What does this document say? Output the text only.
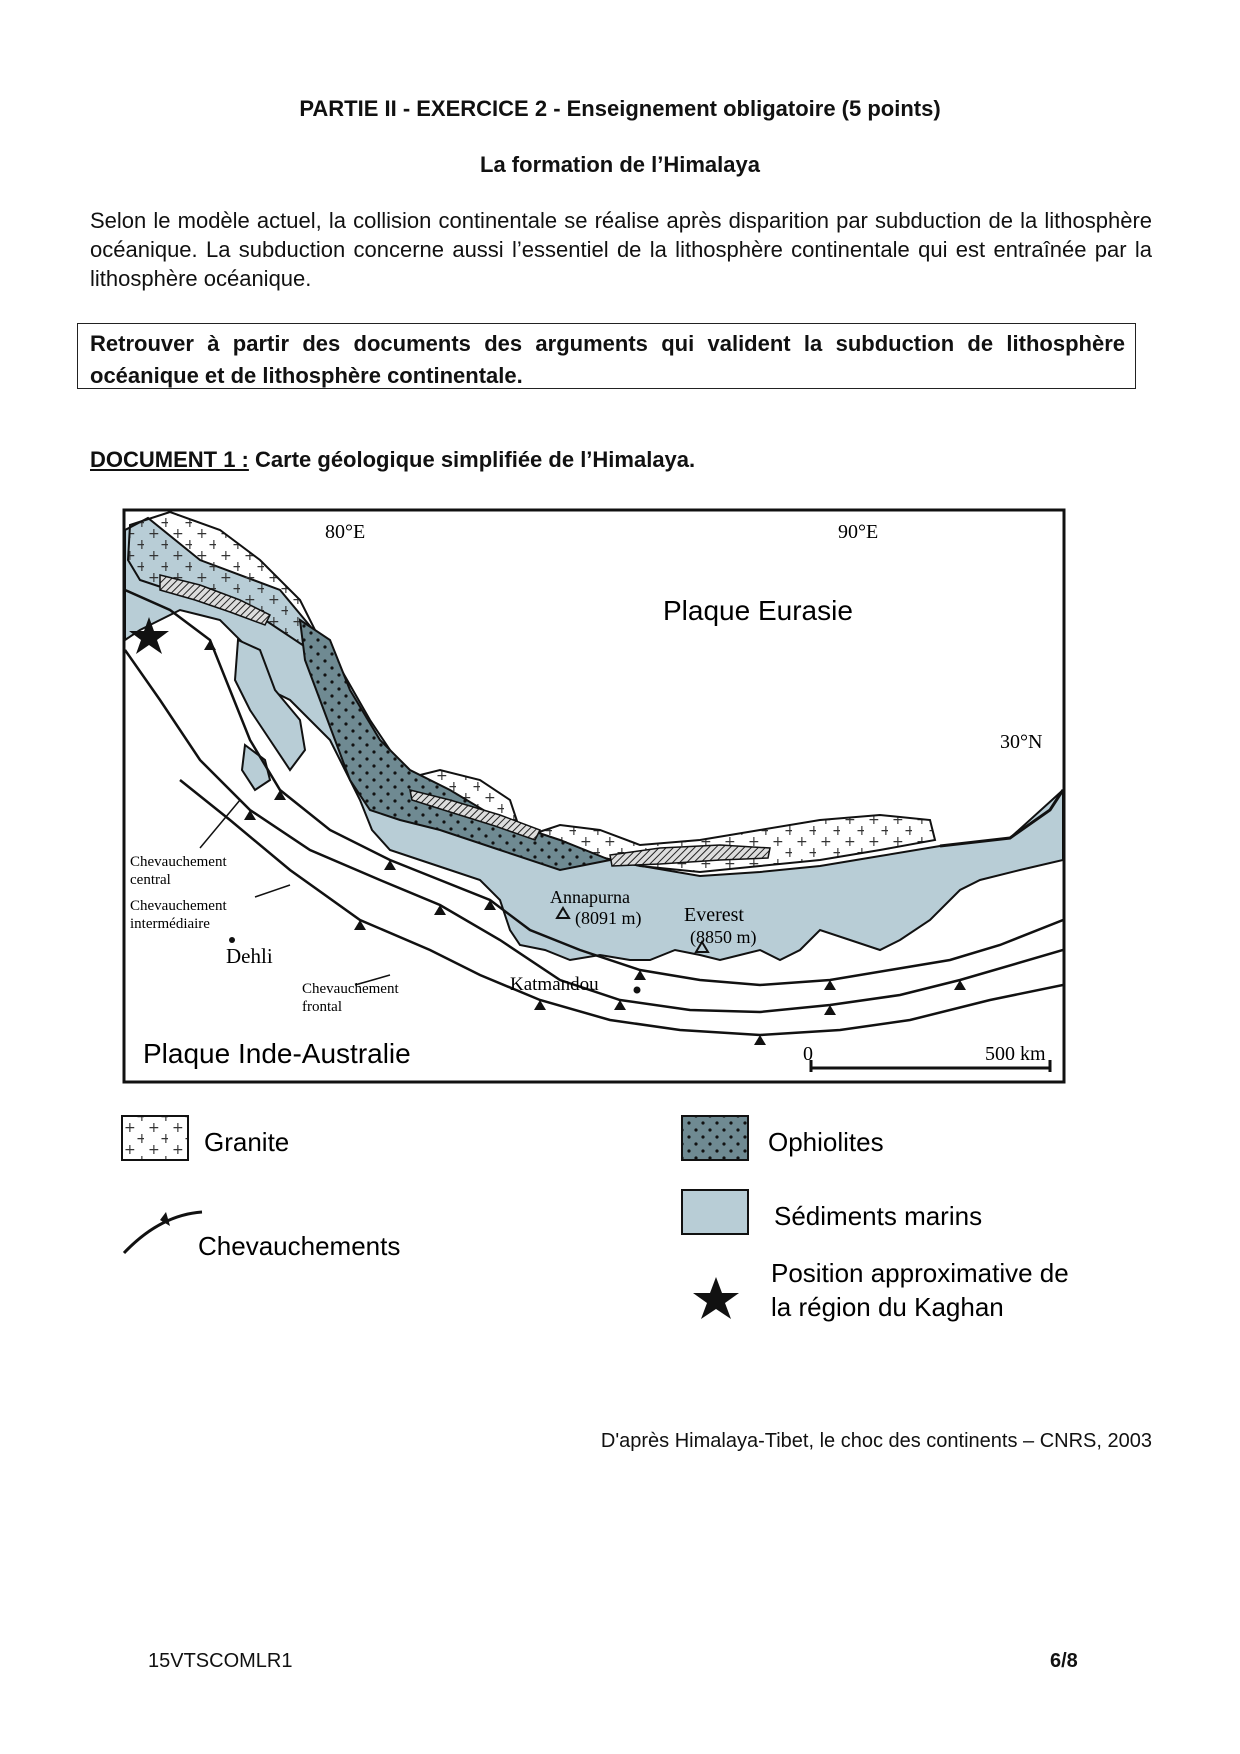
PARTIE II - EXERCICE 2 - Enseignement obligatoire (5 points)
La formation de l’Himalaya
Selon le modèle actuel, la collision continentale se réalise après disparition par subduction de la lithosphère océanique. La subduction concerne aussi l’essentiel de la lithosphère continentale qui est entraînée par la lithosphère océanique.
Retrouver à partir des documents des arguments qui valident la subduction de lithosphère océanique et de lithosphère continentale.
DOCUMENT 1 : Carte géologique simplifiée de l’Himalaya.
80°E	90°E
30°N
Plaque Eurasie
Plaque Inde-Australie
Chevauchement
central
Chevauchement
intermédiaire
Chevauchement
frontal
Dehli
Katmandou
Annapurna
(8091 m) Everest
(8850 m)
0	500 km
Granite	Ophiolites
Chevauchements
Sédiments marins
Position approximative de
la région du Kaghan
D'après Himalaya-Tibet, le choc des continents – CNRS, 2003
15VTSCOMLR1	6/8
